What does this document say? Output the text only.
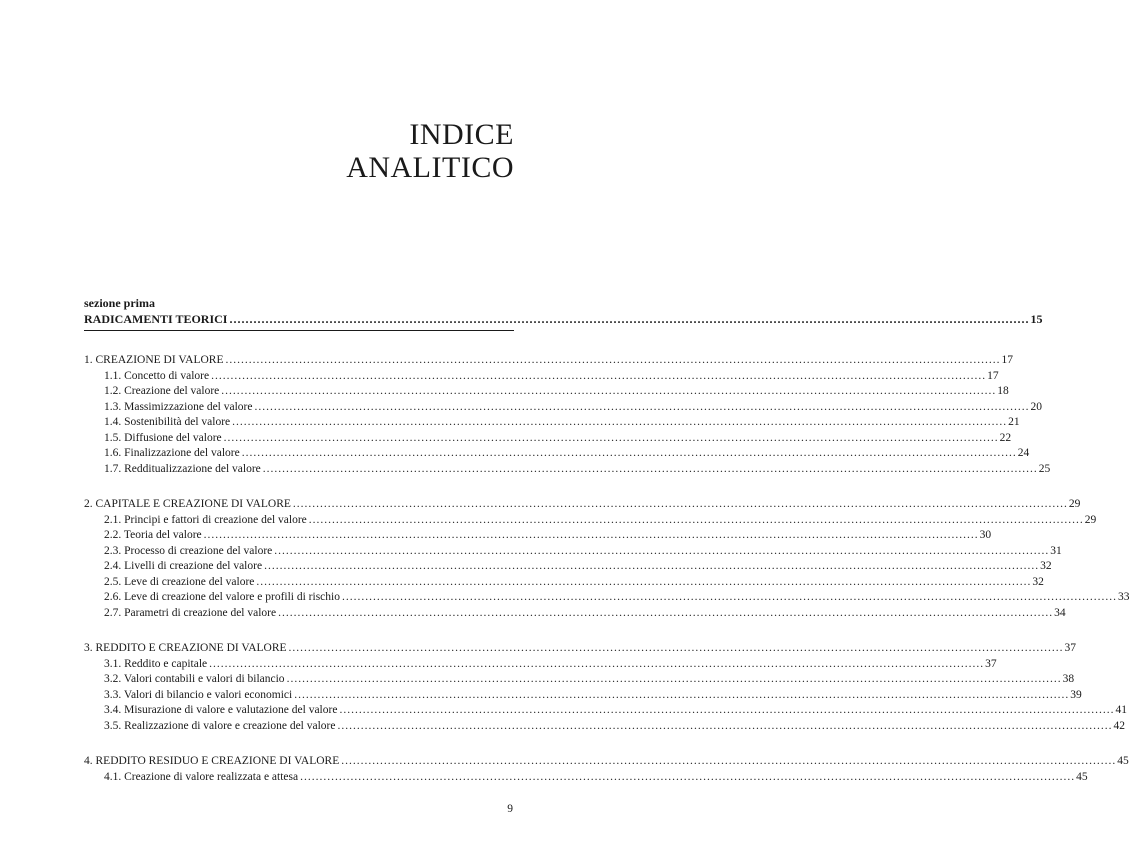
INDICE
ANALITICO
sezione prima
RADICAMENTI TEORICI ........................................................................................................................................................................................................ 15
1. CREAZIONE DI VALORE ........................................................................................................................................................................................................ 17
1.1. Concetto di valore ........................................................................................................................................................................................................ 17
1.2. Creazione del valore ........................................................................................................................................................................................................ 18
1.3. Massimizzazione del valore ........................................................................................................................................................................................................ 20
1.4. Sostenibilità del valore ........................................................................................................................................................................................................ 21
1.5. Diffusione del valore ........................................................................................................................................................................................................ 22
1.6. Finalizzazione del valore ........................................................................................................................................................................................................ 24
1.7. Redditualizzazione del valore ........................................................................................................................................................................................................ 25
2. CAPITALE E CREAZIONE DI VALORE ........................................................................................................................................................................................................ 29
2.1. Principi e fattori di creazione del valore ........................................................................................................................................................................................................ 29
2.2. Teoria del valore ........................................................................................................................................................................................................ 30
2.3. Processo di creazione del valore ........................................................................................................................................................................................................ 31
2.4. Livelli di creazione del valore ........................................................................................................................................................................................................ 32
2.5. Leve di creazione del valore ........................................................................................................................................................................................................ 32
2.6. Leve di creazione del valore e profili di rischio ........................................................................................................................................................................................................ 33
2.7. Parametri di creazione del valore ........................................................................................................................................................................................................ 34
3. REDDITO E CREAZIONE DI VALORE ........................................................................................................................................................................................................ 37
3.1. Reddito e capitale ........................................................................................................................................................................................................ 37
3.2. Valori contabili e valori di bilancio ........................................................................................................................................................................................................ 38
3.3. Valori di bilancio e valori economici ........................................................................................................................................................................................................ 39
3.4. Misurazione di valore e valutazione del valore ........................................................................................................................................................................................................ 41
3.5. Realizzazione di valore e creazione del valore ........................................................................................................................................................................................................ 42
4. REDDITO RESIDUO E CREAZIONE DI VALORE ........................................................................................................................................................................................................ 45
4.1. Creazione di valore realizzata e attesa ........................................................................................................................................................................................................ 45
9
